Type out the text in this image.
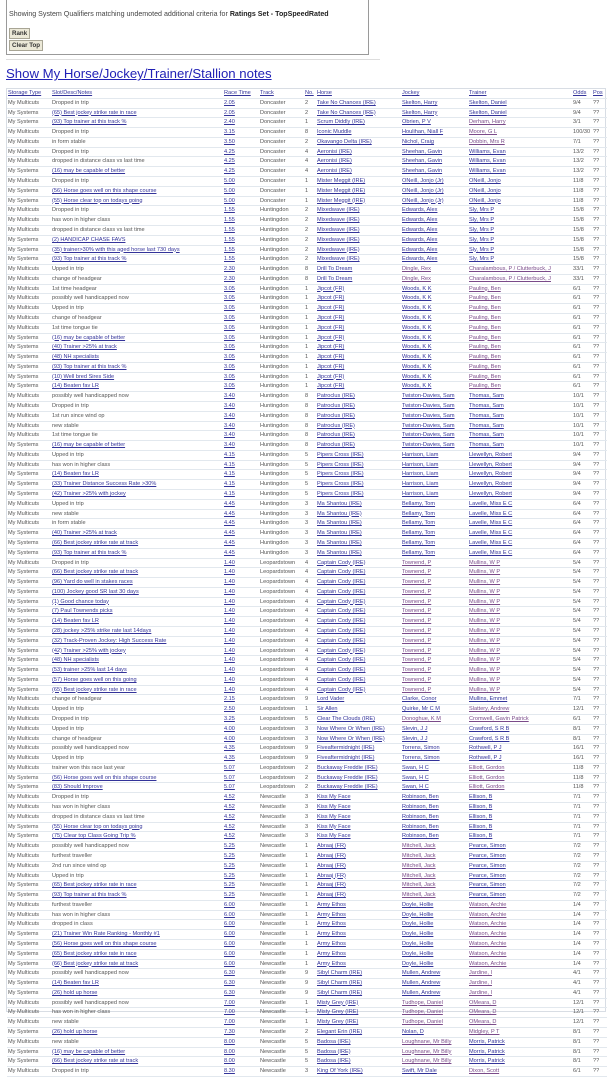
Showing System Qualifiers matching undemoted additional criteria for Ratings Set - TopSpeedRated
Rank
Clear Top
Show My Horse/Jockey/Trainer/Stallion notes
Storage Type	Slot/Desc/Notes	Race Time	Track	No.	Horse	Jockey	Trainer	Odds	Pos
My Multicuts	Dropped in trip	2.05	Doncaster	2	Take No Chances (IRE)	Skelton, Harry	Skelton, Daniel	9/4	??
My Systems	(65) Best jockey strike rate in race	2.05	Doncaster	2	Take No Chances (IRE)	Skelton, Harry	Skelton, Daniel	9/4	??
My Systems	(93) Top trainer at this track %	2.40	Doncaster	1	Scrum Diddly (IRE)	Obrien, P V	Derham, Harry	3/1	??
My Multicuts	Dropped in trip	3.15	Doncaster	8	Iconic Muddle	Houlihan, Niall F	Moore, G L	100/30	??
My Multicuts	in form stable	3.50	Doncaster	2	Okavango Delta (IRE)	Nichol, Craig	Dobbin, Mrs R	7/1	??
My Multicuts	Dropped in trip	4.25	Doncaster	4	Aeronisi (IRE)	Sheehan, Gavin	Williams, Evan	13/2	??
My Multicuts	dropped in distance class vs last time	4.25	Doncaster	4	Aeronisi (IRE)	Sheehan, Gavin	Williams, Evan	13/2	??
My Systems	(16) may be capable of better	4.25	Doncaster	4	Aeronisi (IRE)	Sheehan, Gavin	Williams, Evan	13/2	??
My Multicuts	Dropped in trip	5.00	Doncaster	1	Mister Meggit (IRE)	ONeill, Jonjo (Jr)	ONeill, Jonjo	11/8	??
My Systems	(56) Horse goes well on this shape course	5.00	Doncaster	1	Mister Meggit (IRE)	ONeill, Jonjo (Jr)	ONeill, Jonjo	11/8	??
My Systems	(55) Horse clear top on todays going	5.00	Doncaster	1	Mister Meggit (IRE)	ONeill, Jonjo (Jr)	ONeill, Jonjo	11/8	??
My Multicuts	Dropped in trip	1.55	Huntingdon	2	Mixedwave (IRE)	Edwards, Alex	Sly, Mrs P	15/8	??
My Multicuts	has won in higher class	1.55	Huntingdon	2	Mixedwave (IRE)	Edwards, Alex	Sly, Mrs P	15/8	??
My Multicuts	dropped in distance class vs last time	1.55	Huntingdon	2	Mixedwave (IRE)	Edwards, Alex	Sly, Mrs P	15/8	??
My Systems	(2) HANDICAP CHASE FAVS	1.55	Huntingdon	2	Mixedwave (IRE)	Edwards, Alex	Sly, Mrs P	15/8	??
My Systems	(35) trainer>30% with this aged horse last 730 days	1.55	Huntingdon	2	Mixedwave (IRE)	Edwards, Alex	Sly, Mrs P	15/8	??
My Systems	(93) Top trainer at this track %	1.55	Huntingdon	2	Mixedwave (IRE)	Edwards, Alex	Sly, Mrs P	15/8	??
My Multicuts	Upped in trip	2.30	Huntingdon	8	Drill To Dream	Dingle, Rex	Charalambous, P / Clutterbuck, J	33/1	??
My Multicuts	change of headgear	2.30	Huntingdon	8	Drill To Dream	Dingle, Rex	Charalambous, P / Clutterbuck, J	33/1	??
My Multicuts	1st time headgear	3.05	Huntingdon	1	Jipcot (FR)	Woods, K K	Pauling, Ben	6/1	??
My Multicuts	possibly well handicapped now	3.05	Huntingdon	1	Jipcot (FR)	Woods, K K	Pauling, Ben	6/1	??
My Multicuts	Upped in trip	3.05	Huntingdon	1	Jipcot (FR)	Woods, K K	Pauling, Ben	6/1	??
My Multicuts	change of headgear	3.05	Huntingdon	1	Jipcot (FR)	Woods, K K	Pauling, Ben	6/1	??
My Multicuts	1st time tongue tie	3.05	Huntingdon	1	Jipcot (FR)	Woods, K K	Pauling, Ben	6/1	??
My Systems	(16) may be capable of better	3.05	Huntingdon	1	Jipcot (FR)	Woods, K K	Pauling, Ben	6/1	??
My Systems	(40) Trainer >25% at track	3.05	Huntingdon	1	Jipcot (FR)	Woods, K K	Pauling, Ben	6/1	??
My Systems	(48) NH specialists	3.05	Huntingdon	1	Jipcot (FR)	Woods, K K	Pauling, Ben	6/1	??
My Systems	(93) Top trainer at this track %	3.05	Huntingdon	1	Jipcot (FR)	Woods, K K	Pauling, Ben	6/1	??
My Systems	(10) Well bred Sires Side	3.05	Huntingdon	1	Jipcot (FR)	Woods, K K	Pauling, Ben	6/1	??
My Systems	(14) Beaten fav LR	3.05	Huntingdon	1	Jipcot (FR)	Woods, K K	Pauling, Ben	6/1	??
My Multicuts	possibly well handicapped now	3.40	Huntingdon	8	Patroclus (IRE)	Twiston-Davies, Sam	Thomas, Sam	10/1	??
My Multicuts	Dropped in trip	3.40	Huntingdon	8	Patroclus (IRE)	Twiston-Davies, Sam	Thomas, Sam	10/1	??
My Multicuts	1st run since wind op	3.40	Huntingdon	8	Patroclus (IRE)	Twiston-Davies, Sam	Thomas, Sam	10/1	??
My Multicuts	new stable	3.40	Huntingdon	8	Patroclus (IRE)	Twiston-Davies, Sam	Thomas, Sam	10/1	??
My Multicuts	1st time tongue tie	3.40	Huntingdon	8	Patroclus (IRE)	Twiston-Davies, Sam	Thomas, Sam	10/1	??
My Systems	(16) may be capable of better	3.40	Huntingdon	8	Patroclus (IRE)	Twiston-Davies, Sam	Thomas, Sam	10/1	??
My Multicuts	Upped in trip	4.15	Huntingdon	5	Pipers Cross (IRE)	Harrison, Liam	Llewellyn, Robert	9/4	??
My Multicuts	has won in higher class	4.15	Huntingdon	5	Pipers Cross (IRE)	Harrison, Liam	Llewellyn, Robert	9/4	??
My Systems	(14) Beaten fav LR	4.15	Huntingdon	5	Pipers Cross (IRE)	Harrison, Liam	Llewellyn, Robert	9/4	??
My Systems	(33) Trainer Distance Success Rate >30%	4.15	Huntingdon	5	Pipers Cross (IRE)	Harrison, Liam	Llewellyn, Robert	9/4	??
My Systems	(42) Trainer >25% with jockey	4.15	Huntingdon	5	Pipers Cross (IRE)	Harrison, Liam	Llewellyn, Robert	9/4	??
My Multicuts	Upped in trip	4.45	Huntingdon	3	Ma Shantou (IRE)	Bellamy, Tom	Lavelle, Miss E C	6/4	??
My Multicuts	new stable	4.45	Huntingdon	3	Ma Shantou (IRE)	Bellamy, Tom	Lavelle, Miss E C	6/4	??
My Multicuts	in form stable	4.45	Huntingdon	3	Ma Shantou (IRE)	Bellamy, Tom	Lavelle, Miss E C	6/4	??
My Systems	(40) Trainer >25% at track	4.45	Huntingdon	3	Ma Shantou (IRE)	Bellamy, Tom	Lavelle, Miss E C	6/4	??
My Systems	(66) Best jockey strike rate at track	4.45	Huntingdon	3	Ma Shantou (IRE)	Bellamy, Tom	Lavelle, Miss E C	6/4	??
My Systems	(93) Top trainer at this track %	4.45	Huntingdon	3	Ma Shantou (IRE)	Bellamy, Tom	Lavelle, Miss E C	6/4	??
My Multicuts	Dropped in trip	1.40	Leopardstown	4	Captain Cody (IRE)	Townend, P	Mullins, W P	5/4	??
My Systems	(66) Best jockey strike rate at track	1.40	Leopardstown	4	Captain Cody (IRE)	Townend, P	Mullins, W P	5/4	??
My Systems	(96) Yard do well in stakes races	1.40	Leopardstown	4	Captain Cody (IRE)	Townend, P	Mullins, W P	5/4	??
My Systems	(100) Jockey good SR last 30 days	1.40	Leopardstown	4	Captain Cody (IRE)	Townend, P	Mullins, W P	5/4	??
My Systems	(1) Good chance today	1.40	Leopardstown	4	Captain Cody (IRE)	Townend, P	Mullins, W P	5/4	??
My Systems	(7) Paul Townends picks	1.40	Leopardstown	4	Captain Cody (IRE)	Townend, P	Mullins, W P	5/4	??
My Systems	(14) Beaten fav LR	1.40	Leopardstown	4	Captain Cody (IRE)	Townend, P	Mullins, W P	5/4	??
My Systems	(28) jockey >25% strike rate last 14days	1.40	Leopardstown	4	Captain Cody (IRE)	Townend, P	Mullins, W P	5/4	??
My Systems	(32) Track-Proven Jockey: High Success Rate	1.40	Leopardstown	4	Captain Cody (IRE)	Townend, P	Mullins, W P	5/4	??
My Systems	(42) Trainer >25% with jockey	1.40	Leopardstown	4	Captain Cody (IRE)	Townend, P	Mullins, W P	5/4	??
My Systems	(48) NH specialists	1.40	Leopardstown	4	Captain Cody (IRE)	Townend, P	Mullins, W P	5/4	??
My Systems	(53) trainer >25% last 14 days	1.40	Leopardstown	4	Captain Cody (IRE)	Townend, P	Mullins, W P	5/4	??
My Systems	(57) Horse goes well on this going	1.40	Leopardstown	4	Captain Cody (IRE)	Townend, P	Mullins, W P	5/4	??
My Systems	(65) Best jockey strike rate in race	1.40	Leopardstown	4	Captain Cody (IRE)	Townend, P	Mullins, W P	5/4	??
My Multicuts	change of headgear	2.15	Leopardstown	9	Lord Vader	Clarke, Conor	Mullins, Emmet	7/1	??
My Multicuts	Upped in trip	2.50	Leopardstown	1	Sir Allen	Quirke, Mr C M	Slattery, Andrew	12/1	??
My Multicuts	Dropped in trip	3.25	Leopardstown	5	Clear The Clouds (IRE)	Donoghue, K M	Cromwell, Gavin Patrick	6/1	??
My Multicuts	Upped in trip	4.00	Leopardstown	3	Now Where Or When (IRE)	Slevin, J J	Crawford, S R B	8/1	??
My Multicuts	change of headgear	4.00	Leopardstown	3	Now Where Or When (IRE)	Slevin, J J	Crawford, S R B	8/1	??
My Multicuts	possibly well handicapped now	4.35	Leopardstown	9	Fiveaftermidnight (IRE)	Torrens, Simon	Rothwell, P J	16/1	??
My Multicuts	Upped in trip	4.35	Leopardstown	9	Fiveaftermidnight (IRE)	Torrens, Simon	Rothwell, P J	16/1	??
My Multicuts	trainer won this race last year	5.07	Leopardstown	2	Buckaway Freddie (IRE)	Swan, H C	Elliott, Gordon	11/8	??
My Systems	(56) Horse goes well on this shape course	5.07	Leopardstown	2	Buckaway Freddie (IRE)	Swan, H C	Elliott, Gordon	11/8	??
My Systems	(83) Should Improve	5.07	Leopardstown	2	Buckaway Freddie (IRE)	Swan, H C	Elliott, Gordon	11/8	??
My Multicuts	Dropped in trip	4.52	Newcastle	3	Kiss My Face	Robinson, Ben	Ellison, B	7/1	??
My Multicuts	has won in higher class	4.52	Newcastle	3	Kiss My Face	Robinson, Ben	Ellison, B	7/1	??
My Multicuts	dropped in distance class vs last time	4.52	Newcastle	3	Kiss My Face	Robinson, Ben	Ellison, B	7/1	??
My Systems	(55) Horse clear top on todays going	4.52	Newcastle	3	Kiss My Face	Robinson, Ben	Ellison, B	7/1	??
My Systems	(75) Clear top Class Going Trip %	4.52	Newcastle	3	Kiss My Face	Robinson, Ben	Ellison, B	7/1	??
My Multicuts	possibly well handicapped now	5.25	Newcastle	1	Abraaj (FR)	Mitchell, Jack	Pearce, Simon	7/2	??
My Multicuts	furthest traveller	5.25	Newcastle	1	Abraaj (FR)	Mitchell, Jack	Pearce, Simon	7/2	??
My Multicuts	2nd run since wind op	5.25	Newcastle	1	Abraaj (FR)	Mitchell, Jack	Pearce, Simon	7/2	??
My Multicuts	Upped in trip	5.25	Newcastle	1	Abraaj (FR)	Mitchell, Jack	Pearce, Simon	7/2	??
My Systems	(65) Best jockey strike rate in race	5.25	Newcastle	1	Abraaj (FR)	Mitchell, Jack	Pearce, Simon	7/2	??
My Systems	(93) Top trainer at this track %	5.25	Newcastle	1	Abraaj (FR)	Mitchell, Jack	Pearce, Simon	7/2	??
My Multicuts	furthest traveller	6.00	Newcastle	1	Army Ethos	Doyle, Hollie	Watson, Archie	1/4	??
My Multicuts	has won in higher class	6.00	Newcastle	1	Army Ethos	Doyle, Hollie	Watson, Archie	1/4	??
My Multicuts	dropped in class	6.00	Newcastle	1	Army Ethos	Doyle, Hollie	Watson, Archie	1/4	??
My Systems	(21) Trainer Win Rate Ranking - Monthly #1	6.00	Newcastle	1	Army Ethos	Doyle, Hollie	Watson, Archie	1/4	??
My Systems	(56) Horse goes well on this shape course	6.00	Newcastle	1	Army Ethos	Doyle, Hollie	Watson, Archie	1/4	??
My Systems	(65) Best jockey strike rate in race	6.00	Newcastle	1	Army Ethos	Doyle, Hollie	Watson, Archie	1/4	??
My Systems	(66) Best jockey strike rate at track	6.00	Newcastle	1	Army Ethos	Doyle, Hollie	Watson, Archie	1/4	??
My Multicuts	possibly well handicapped now	6.30	Newcastle	9	Sibyl Charm (IRE)	Mullen, Andrew	Jardine, I	4/1	??
My Systems	(14) Beaten fav LR	6.30	Newcastle	9	Sibyl Charm (IRE)	Mullen, Andrew	Jardine, I	4/1	??
My Systems	(26) hold up horse	6.30	Newcastle	9	Sibyl Charm (IRE)	Mullen, Andrew	Jardine, I	4/1	??
My Multicuts	possibly well handicapped now	7.00	Newcastle	1	Misty Grey (IRE)	Tudhope, Daniel	OMeara, D	12/1	??
My Multicuts	has won in higher class	7.00	Newcastle	1	Misty Grey (IRE)	Tudhope, Daniel	OMeara, D	12/1	??
My Multicuts	new stable	7.00	Newcastle	1	Misty Grey (IRE)	Tudhope, Daniel	OMeara, D	12/1	??
My Systems	(26) hold up horse	7.30	Newcastle	2	Elegant Erin (IRE)	Nolan, D	Midgley, P T	8/1	??
My Multicuts	new stable	8.00	Newcastle	5	Badosa (IRE)	Loughnane, Mr Billy	Morris, Patrick	8/1	??
My Systems	(16) may be capable of better	8.00	Newcastle	5	Badosa (IRE)	Loughnane, Mr Billy	Morris, Patrick	8/1	??
My Systems	(66) Best jockey strike rate at track	8.00	Newcastle	5	Badosa (IRE)	Loughnane, Mr Billy	Morris, Patrick	8/1	??
My Multicuts	Dropped in trip	8.30	Newcastle	3	King Of York (IRE)	Swift, Mr Dale	Dixon, Scott	6/1	??
